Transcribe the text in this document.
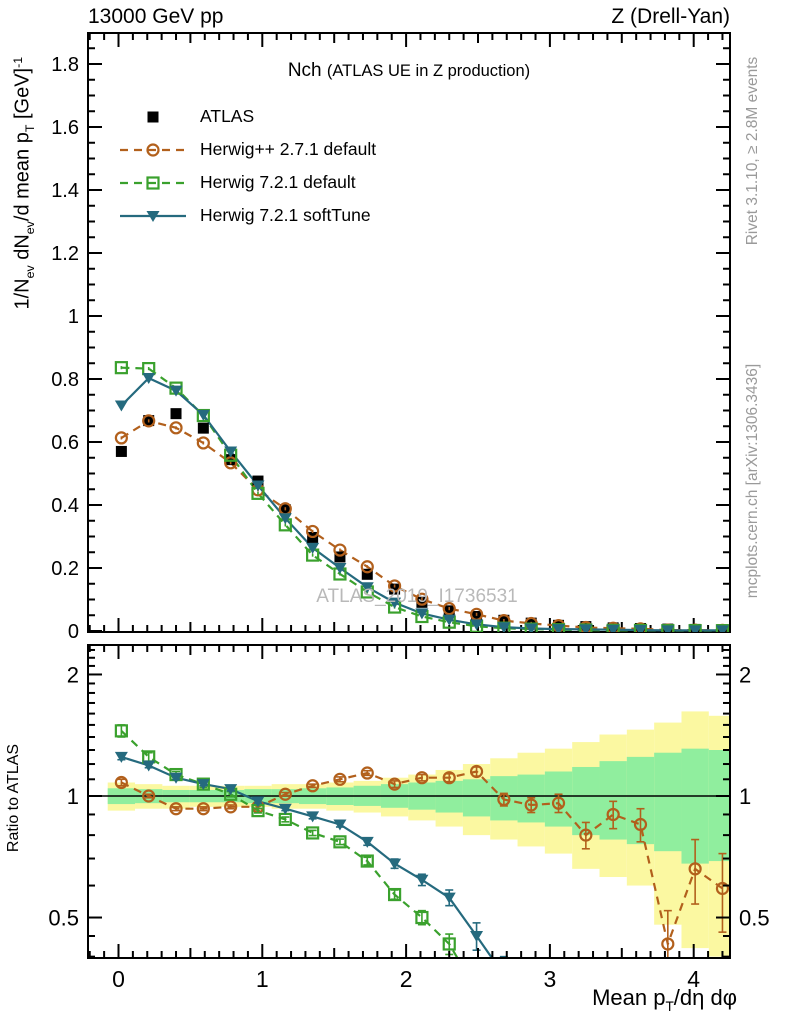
13000 GeV pp	Z (Drell-Yan)
0
0.2
0.4
0.6
0.8
1
1.2
1.4
1.6
1.8
0.5	0.5
1	1
2	2
0	1	2	3	4
Nch (ATLAS UE in Z production)
ATLAS
Herwig++ 2.7.1 default
Herwig 7.2.1 default
Herwig 7.2.1 softTune
$1/N_{ev}$ $dN_{ev}/d$ mean $p_T$ [GeV]$^{-1}$
Ratio to ATLAS
Rivet 3.1.10, ≥ 2.8M events
mcplots.cern.ch [arXiv:1306.3436]
ATLAS_2019_I1736531
Mean $p_T/d\eta$ dφ
